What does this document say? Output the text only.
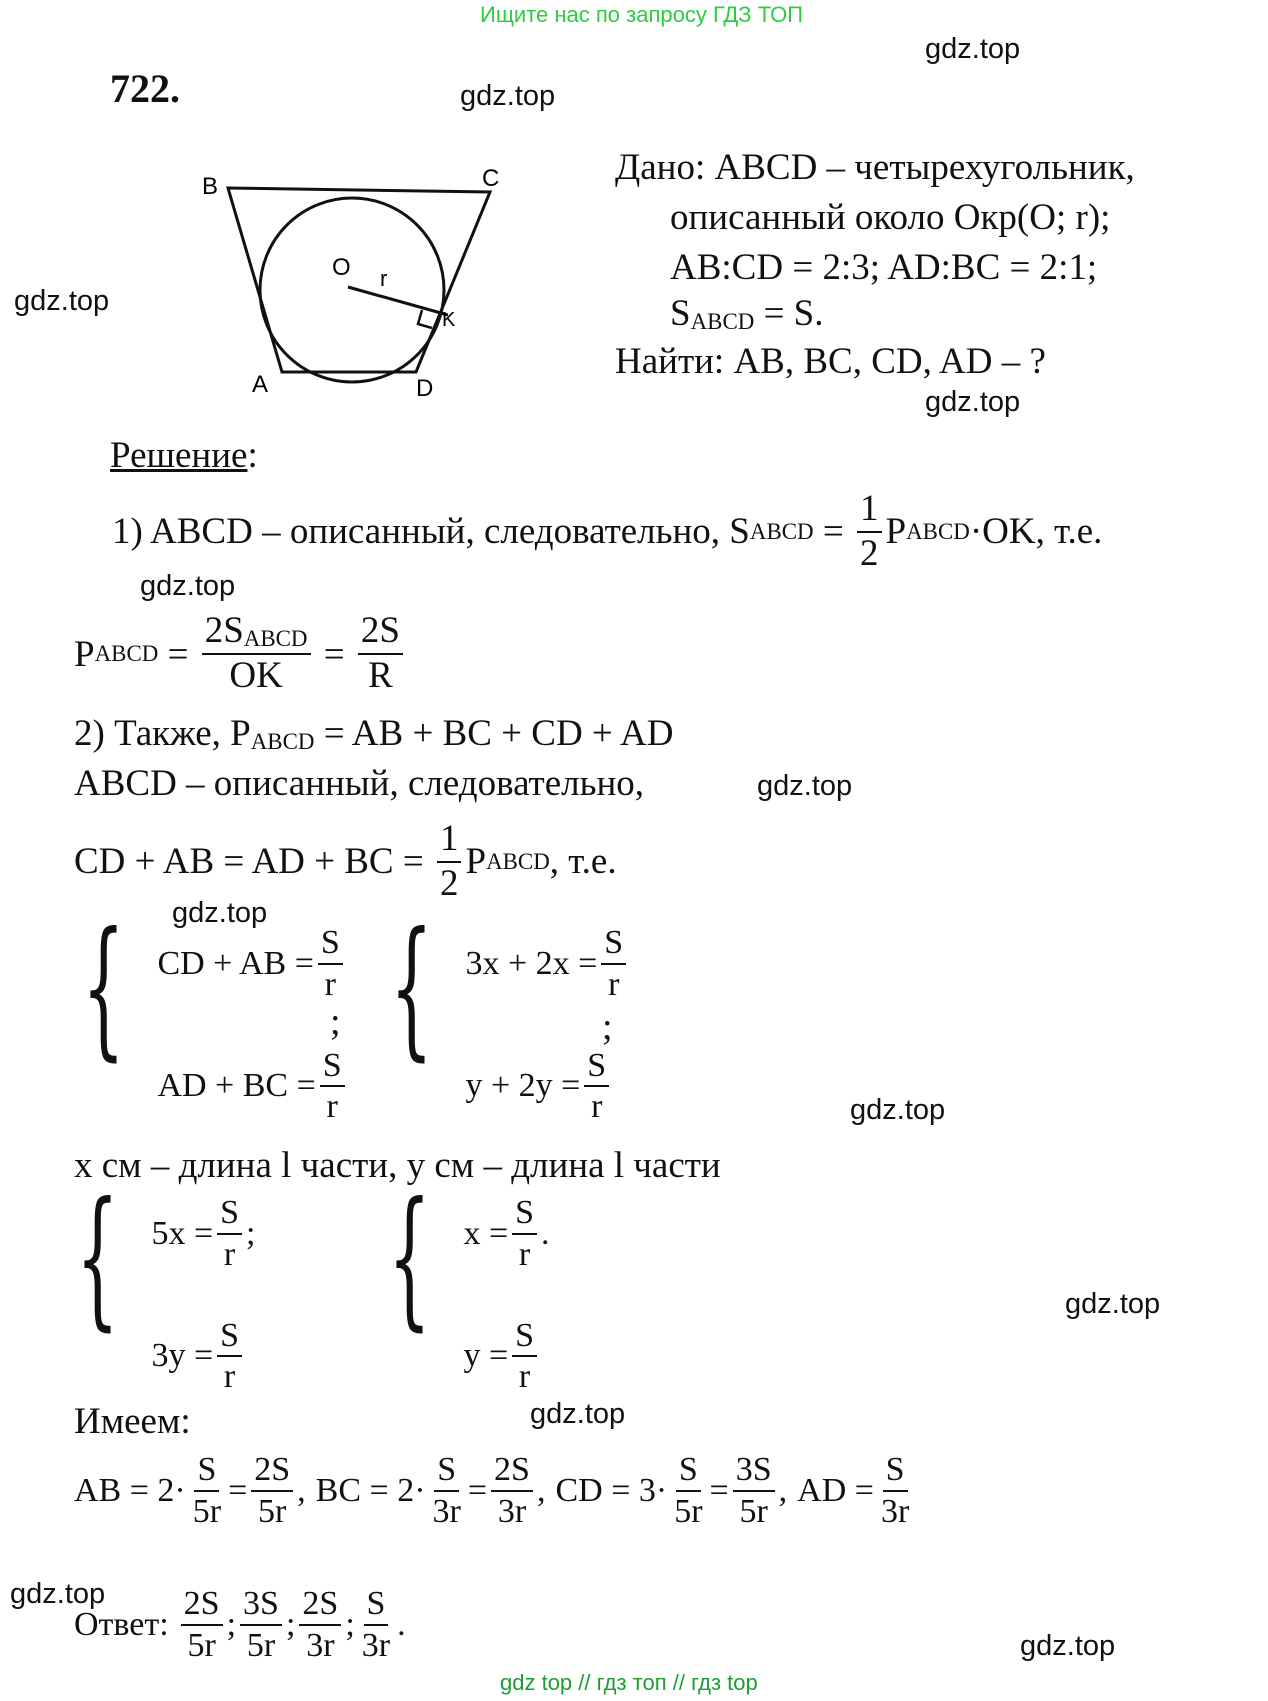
Ищите нас по запросу ГДЗ ТОП
gdz top // гдз топ // гдз top
gdz.top
gdz.top
gdz.top
gdz.top
gdz.top
gdz.top
gdz.top
gdz.top
gdz.top
gdz.top
gdz.top
gdz.top
722.
B	C
A	D
O r
K
Дано: ABCD – четырехугольник,
описанный около Окр(O; r);
AB:CD = 2:3; AD:BC = 2:1;
$S_{ABCD} = S$.
Найти: AB, BC, CD, AD – ?
Решение:
1) ABCD – описанный, следовательно, S ABCD = $\frac{1}{2}$ P ABCD ·OK, т.е.
P ABCD = $\frac{2S_{ABCD}}{OK} = \frac{2S}{R}$
2) Также, $P_{ABCD}$ = AB + BC + CD + AD
ABCD – описанный, следовательно,
CD + AB = AD + BC = $\frac{1}{2}$ P ABCD , т.е.
{ CD + AB = $\frac{S}{r}$
AD + BC = $\frac{S}{r}$
; { $3x + 2x = \frac{S}{r}$
$y + 2y = \frac{S}{r}$
;
x см – длина l части, у см – длина l части
{ $5x = \frac{S}{r}$ ;
$3y = \frac{S}{r}$
{ $x = \frac{S}{r}$ .
$y = \frac{S}{r}$
Имеем:
AB = $2\cdot \frac{S}{5r} = \frac{2S}{5r}$ , BC = $2\cdot \frac{S}{3r} = \frac{2S}{3r}$ , CD = $3\cdot \frac{S}{5r} = \frac{3S}{5r}$ , AD = $\frac{S}{3r}$
Ответ: $\frac{2S}{5r}$ ; $\frac{3S}{5r}$ ; $\frac{2S}{3r}$ ; $\frac{S}{3r}$ .
